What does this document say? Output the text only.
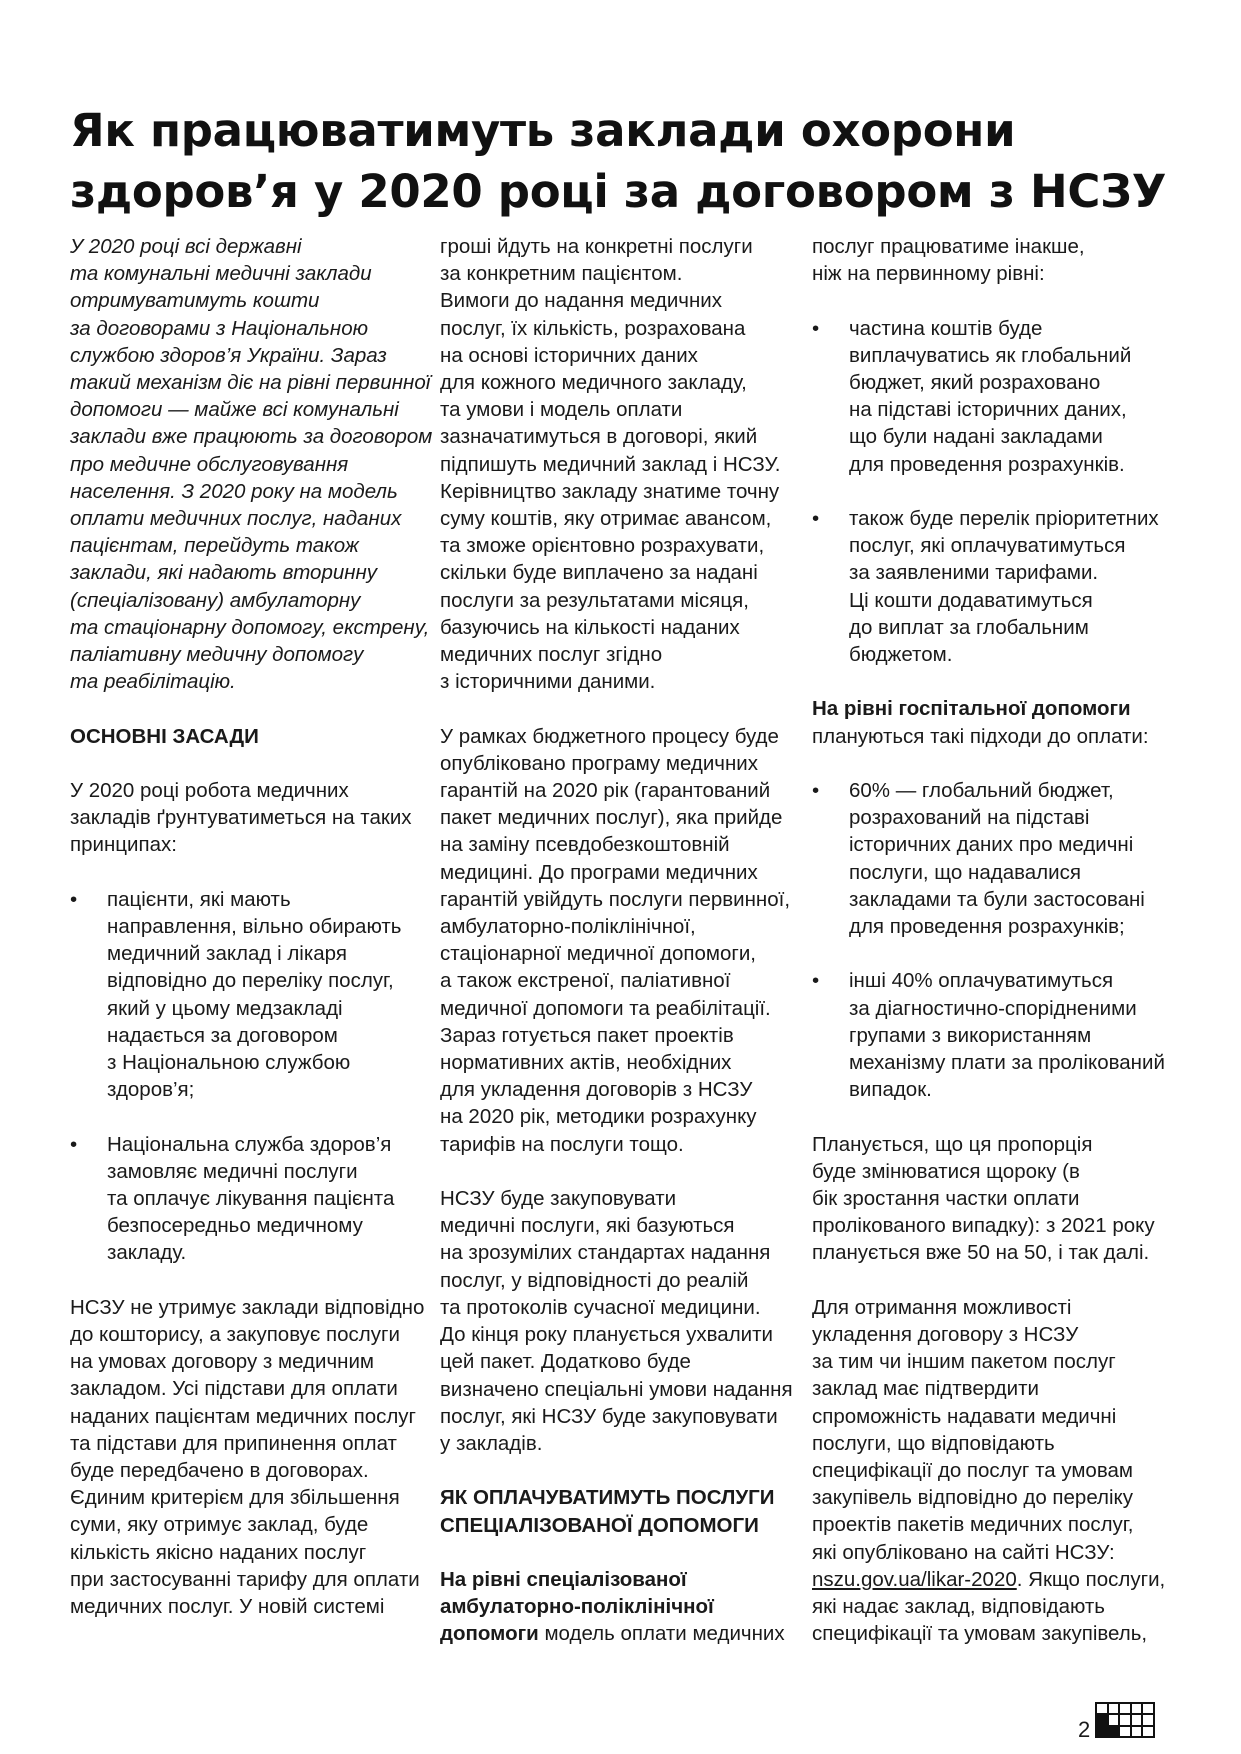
Як працюватимуть заклади охорони здоров’я у 2020 році за договором з НСЗУ

У 2020 році всі державні
та комунальні медичні заклади
отримуватимуть кошти
за договорами з Національною
службою здоров’я України. Зараз
такий механізм діє на рівні первинної
допомоги — майже всі комунальні
заклади вже працюють за договором
про медичне обслуговування
населення. З 2020 року на модель
оплати медичних послуг, наданих
пацієнтам, перейдуть також
заклади, які надають вторинну
(спеціалізовану) амбулаторну
та стаціонарну допомогу, екстрену,
паліативну медичну допомогу
та реабілітацію.

ОСНОВНІ ЗАСАДИ

У 2020 році робота медичних
закладів ґрунтуватиметься на таких
принципах:

• пацієнти, які мають
направлення, вільно обирають
медичний заклад і лікаря
відповідно до переліку послуг,
який у цьому медзакладі
надається за договором
з Національною службою
здоров’я;
• Національна служба здоров’я
замовляє медичні послуги
та оплачує лікування пацієнта
безпосередньо медичному
закладу.

НСЗУ не утримує заклади відповідно
до кошторису, а закуповує послуги
на умовах договору з медичним
закладом. Усі підстави для оплати
наданих пацієнтам медичних послуг
та підстави для припинення оплат
буде передбачено в договорах.
Єдиним критерієм для збільшення
суми, яку отримує заклад, буде
кількість якісно наданих послуг
при застосуванні тарифу для оплати
медичних послуг. У новій системі

гроші йдуть на конкретні послуги
за конкретним пацієнтом.
Вимоги до надання медичних
послуг, їх кількість, розрахована
на основі історичних даних
для кожного медичного закладу,
та умови і модель оплати
зазначатимуться в договорі, який
підпишуть медичний заклад і НСЗУ.
Керівництво закладу знатиме точну
суму коштів, яку отримає авансом,
та зможе орієнтовно розрахувати,
скільки буде виплачено за надані
послуги за результатами місяця,
базуючись на кількості наданих
медичних послуг згідно
з історичними даними.

У рамках бюджетного процесу буде
опубліковано програму медичних
гарантій на 2020 рік (гарантований
пакет медичних послуг), яка прийде
на заміну псевдобезкоштовній
медицині. До програми медичних
гарантій увійдуть послуги первинної,
амбулаторно-поліклінічної,
стаціонарної медичної допомоги,
а також екстреної, паліативної
медичної допомоги та реабілітації.
Зараз готується пакет проектів
нормативних актів, необхідних
для укладення договорів з НСЗУ
на 2020 рік, методики розрахунку
тарифів на послуги тощо.

НСЗУ буде закуповувати
медичні послуги, які базуються
на зрозумілих стандартах надання
послуг, у відповідності до реалій
та протоколів сучасної медицини.
До кінця року планується ухвалити
цей пакет. Додатково буде
визначено спеціальні умови надання
послуг, які НСЗУ буде закуповувати
у закладів.

ЯК ОПЛАЧУВАТИМУТЬ ПОСЛУГИ
СПЕЦІАЛІЗОВАНОЇ ДОПОМОГИ

На рівні спеціалізованої
амбулаторно-поліклінічної
допомоги модель оплати медичних

послуг працюватиме інакше,
ніж на первинному рівні:

• частина коштів буде
виплачуватись як глобальний
бюджет, який розраховано
на підставі історичних даних,
що були надані закладами
для проведення розрахунків.
• також буде перелік пріоритетних
послуг, які оплачуватимуться
за заявленими тарифами.
Ці кошти додаватимуться
до виплат за глобальним
бюджетом.

На рівні госпітальної допомоги
плануються такі підходи до оплати:

• 60% — глобальний бюджет,
розрахований на підставі
історичних даних про медичні
послуги, що надавалися
закладами та були застосовані
для проведення розрахунків;
• інші 40% оплачуватимуться
за діагностично-спорідненими
групами з використанням
механізму плати за пролікований
випадок.

Планується, що ця пропорція
буде змінюватися щороку (в
бік зростання частки оплати
пролікованого випадку): з 2021 року
планується вже 50 на 50, і так далі.

Для отримання можливості
укладення договору з НСЗУ
за тим чи іншим пакетом послуг
заклад має підтвердити
спроможність надавати медичні
послуги, що відповідають
специфікації до послуг та умовам
закупівель відповідно до переліку
проектів пакетів медичних послуг,
які опубліковано на сайті НСЗУ:
nszu.gov.ua/likar-2020. Якщо послуги,
які надає заклад, відповідають
специфікації та умовам закупівель,

2
